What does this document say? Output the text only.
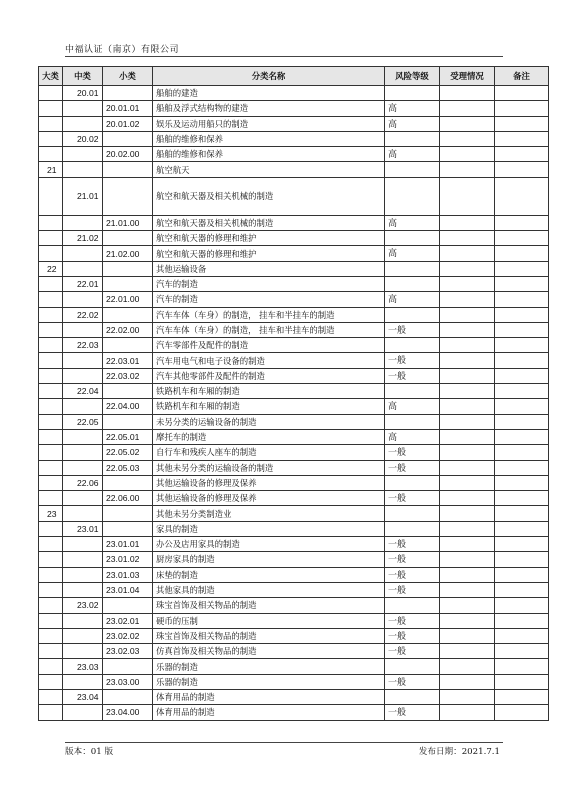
中福认证（南京）有限公司
大类	中类	小类	分类名称	风险等级	受理情况	备注
	20.01		船舶的建造			
		20.01.01	船舶及浮式结构物的建造	高		
		20.01.02	娱乐及运动用船只的制造	高		
	20.02		船舶的维修和保养			
		20.02.00	船舶的维修和保养	高		
21			航空航天			
	21.01		航空和航天器及相关机械的制造			
		21.01.00	航空和航天器及相关机械的制造	高		
	21.02		航空和航天器的修理和维护			
		21.02.00	航空和航天器的修理和维护	高		
22			其他运输设备			
	22.01		汽车的制造			
		22.01.00	汽车的制造	高		
	22.02		汽车车体（车身）的制造， 挂车和半挂车的制造			
		22.02.00	汽车车体（车身）的制造， 挂车和半挂车的制造	一般		
	22.03		汽车零部件及配件的制造			
		22.03.01	汽车用电气和电子设备的制造	一般		
		22.03.02	汽车其他零部件及配件的制造	一般		
	22.04		铁路机车和车厢的制造			
		22.04.00	铁路机车和车厢的制造	高		
	22.05		未另分类的运输设备的制造			
		22.05.01	摩托车的制造	高		
		22.05.02	自行车和残疾人座车的制造	一般		
		22.05.03	其他未另分类的运输设备的制造	一般		
	22.06		其他运输设备的修理及保养			
		22.06.00	其他运输设备的修理及保养	一般		
23			其他未另分类制造业			
	23.01		家具的制造			
		23.01.01	办公及店用家具的制造	一般		
		23.01.02	厨房家具的制造	一般		
		23.01.03	床垫的制造	一般		
		23.01.04	其他家具的制造	一般		
	23.02		珠宝首饰及相关物品的制造			
		23.02.01	硬币的压制	一般		
		23.02.02	珠宝首饰及相关物品的制造	一般		
		23.02.03	仿真首饰及相关物品的制造	一般		
	23.03		乐器的制造			
		23.03.00	乐器的制造	一般		
	23.04		体育用品的制造			
		23.04.00	体育用品的制造	一般		
版本：01 版	发布日期：2021.7.1
